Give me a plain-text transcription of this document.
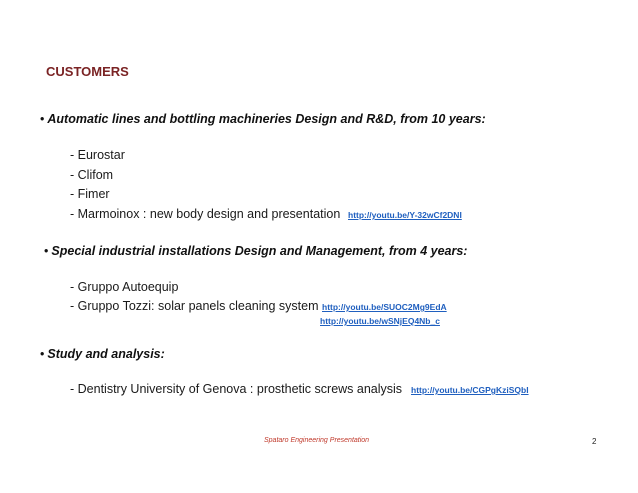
CUSTOMERS
• Automatic lines and bottling machineries Design and R&D, from 10 years:
- Eurostar
- Clifom
- Fimer
- Marmoinox : new body design and presentation http://youtu.be/Y-32wCf2DNI
• Special industrial installations Design and Management, from 4 years:
- Gruppo Autoequip
- Gruppo Tozzi: solar panels cleaning system http://youtu.be/SUOC2Mg9EdA
http://youtu.be/wSNjEQ4Nb_c
• Study and analysis:
- Dentistry University of Genova : prosthetic screws analysis http://youtu.be/CGPgKziSQbI
Spataro Engineering Presentation	2
